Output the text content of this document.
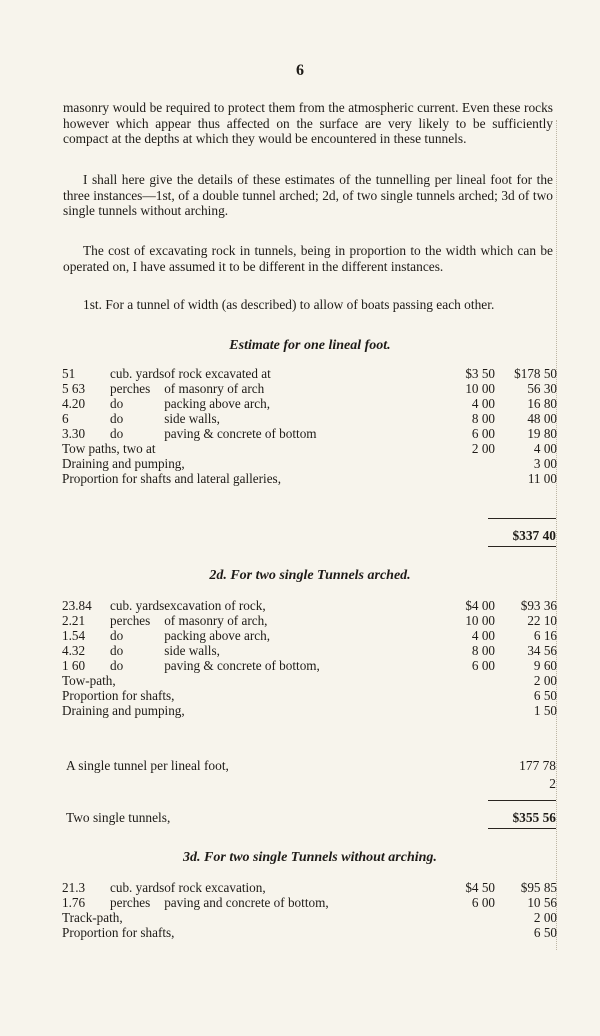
6
masonry would be required to protect them from the atmospheric current. Even these rocks however which appear thus affected on the surface are very likely to be sufficiently compact at the depths at which they would be encountered in these tunnels.
I shall here give the details of these estimates of the tunnelling per lineal foot for the three instances—1st, of a double tunnel arched; 2d, of two single tunnels arched; 3d of two single tunnels without arching.
The cost of excavating rock in tunnels, being in proportion to the width which can be operated on, I have assumed it to be different in the different instances.
1st. For a tunnel of width (as described) to allow of boats passing each other.
Estimate for one lineal foot.
51	cub. yards	of rock excavated at	$3 50	$178 50
5 63	perches	of masonry of arch	10 00	56 30
4.20	do	packing above arch,	4 00	16 80
6	do	side walls,	8 00	48 00
3.30	do	paving & concrete of bottom	6 00	19 80
Tow paths, two at			2 00	4 00
Draining and pumping,				3 00
Proportion for shafts and lateral galleries,				11 00
$337 40
2d. For two single Tunnels arched.
23.84	cub. yards	excavation of rock,	$4 00	$93 36
2.21	perches	of masonry of arch,	10 00	22 10
1.54	do	packing above arch,	4 00	6 16
4.32	do	side walls,	8 00	34 56
1 60	do	paving & concrete of bottom,	6 00	9 60
Tow-path,				2 00
Proportion for shafts,				6 50
Draining and pumping,				1 50
A single tunnel per lineal foot,	177 78
2
Two single tunnels,	$355 56
3d. For two single Tunnels without arching.
21.3	cub. yards	of rock excavation,	$4 50	$95 85
1.76	perches	paving and concrete of bottom,	6 00	10 56
Track-path,				2 00
Proportion for shafts,				6 50
